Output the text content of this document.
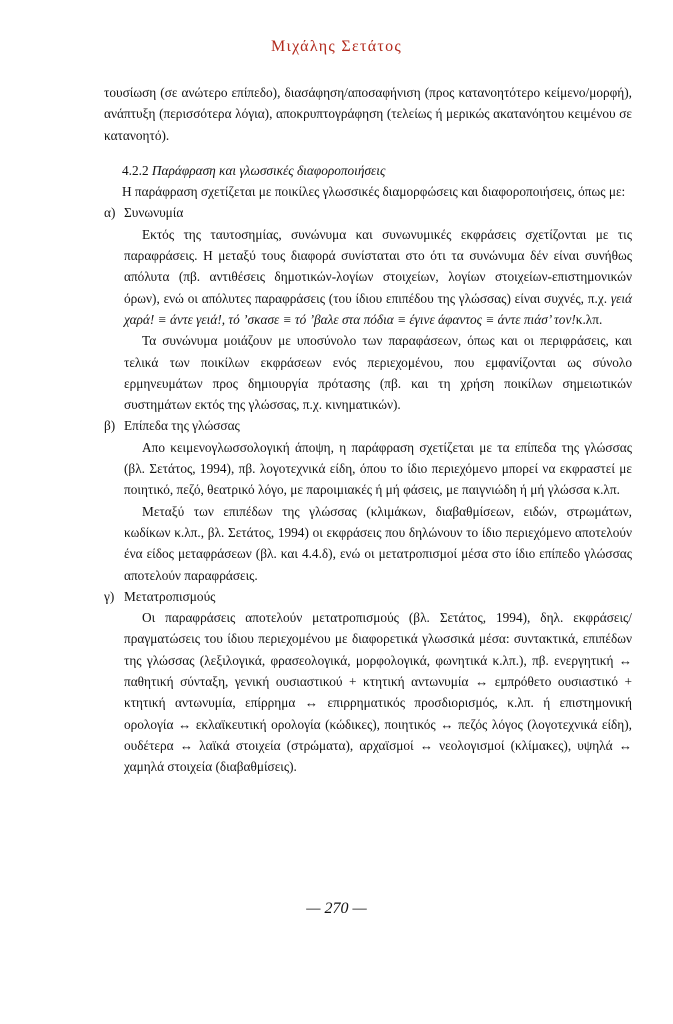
Μιχάλης Σετάτος

τουσίωση (σε ανώτερο επίπεδο), διασάφηση/αποσαφήνιση (προς κατανοητότερο κείμενο/μορφή), ανάπτυξη (περισσότερα λόγια), αποκρυπτογράφηση (τελείως ή μερικώς ακατανόητου κειμένου σε κατανοητό).

4.2.2 Παράφραση και γλωσσικές διαφοροποιήσεις

Η παράφραση σχετίζεται με ποικίλες γλωσσικές διαμορφώσεις και διαφοροποιήσεις, όπως με:

α) Συνωνυμία

Εκτός της ταυτοσημίας, συνώνυμα και συνωνυμικές εκφράσεις σχετίζονται με τις παραφράσεις. Η μεταξύ τους διαφορά συνίσταται στο ότι τα συνώνυμα δέν είναι συνήθως απόλυτα (πβ. αντιθέσεις δημοτικών-λογίων στοιχείων, λογίων στοιχείων-επιστημονικών όρων), ενώ οι απόλυτες παραφράσεις (του ίδιου επιπέδου της γλώσσας) είναι συχνές, π.χ. γειά χαρά! ≡ άντε γειά!, τό ’σκασε ≡ τό ’βαλε στα πόδια ≡ έγινε άφαντος ≡ άντε πιάσ’ τον!κ.λπ.

Τα συνώνυμα μοιάζουν με υποσύνολο των παραφάσεων, όπως και οι περιφράσεις, και τελικά των ποικίλων εκφράσεων ενός περιεχομένου, που εμφανίζονται ως σύνολο ερμηνευμάτων προς δημιουργία πρότασης (πβ. και τη χρήση ποικίλων σημειωτικών συστημάτων εκτός της γλώσσας, π.χ. κινηματικών).

β) Επίπεδα της γλώσσας

Απο κειμενογλωσσολογική άποψη, η παράφραση σχετίζεται με τα επίπεδα της γλώσσας (βλ. Σετάτος, 1994), πβ. λογοτεχνικά είδη, όπου το ίδιο περιεχόμενο μπορεί να εκφραστεί με ποιητικό, πεζό, θεατρικό λόγο, με παροιμιακές ή μή φάσεις, με παιγνιώδη ή μή γλώσσα κ.λπ.

Μεταξύ των επιπέδων της γλώσσας (κλιμάκων, διαβαθμίσεων, ειδών, στρωμάτων, κωδίκων κ.λπ., βλ. Σετάτος, 1994) οι εκφράσεις που δηλώνουν το ίδιο περιεχόμενο αποτελούν ένα είδος μεταφράσεων (βλ. και 4.4.δ), ενώ οι μετατροπισμοί μέσα στο ίδιο επίπεδο γλώσσας αποτελούν παραφράσεις.

γ) Μετατροπισμούς

Οι παραφράσεις αποτελούν μετατροπισμούς (βλ. Σετάτος, 1994), δηλ. εκφράσεις/πραγματώσεις του ίδιου περιεχομένου με διαφορετικά γλωσσικά μέσα: συντακτικά, επιπέδων της γλώσσας (λεξιλογικά, φρασεολογικά, μορφολογικά, φωνητικά κ.λπ.), πβ. ενεργητική ↔ παθητική σύνταξη, γενική ουσιαστικού + κτητική αντωνυμία ↔ εμπρόθετο ουσιαστικό + κτητική αντωνυμία, επίρρημα ↔ επιρρηματικός προσδιορισμός, κ.λπ. ή επιστημονική ορολογία ↔ εκλαϊκευτική ορολογία (κώδικες), ποιητικός ↔ πεζός λόγος (λογοτεχνικά είδη), ουδέτερα ↔ λαϊκά στοιχεία (στρώματα), αρχαϊσμοί ↔ νεολογισμοί (κλίμακες), υψηλά ↔ χαμηλά στοιχεία (διαβαθμίσεις).

— 270 —
